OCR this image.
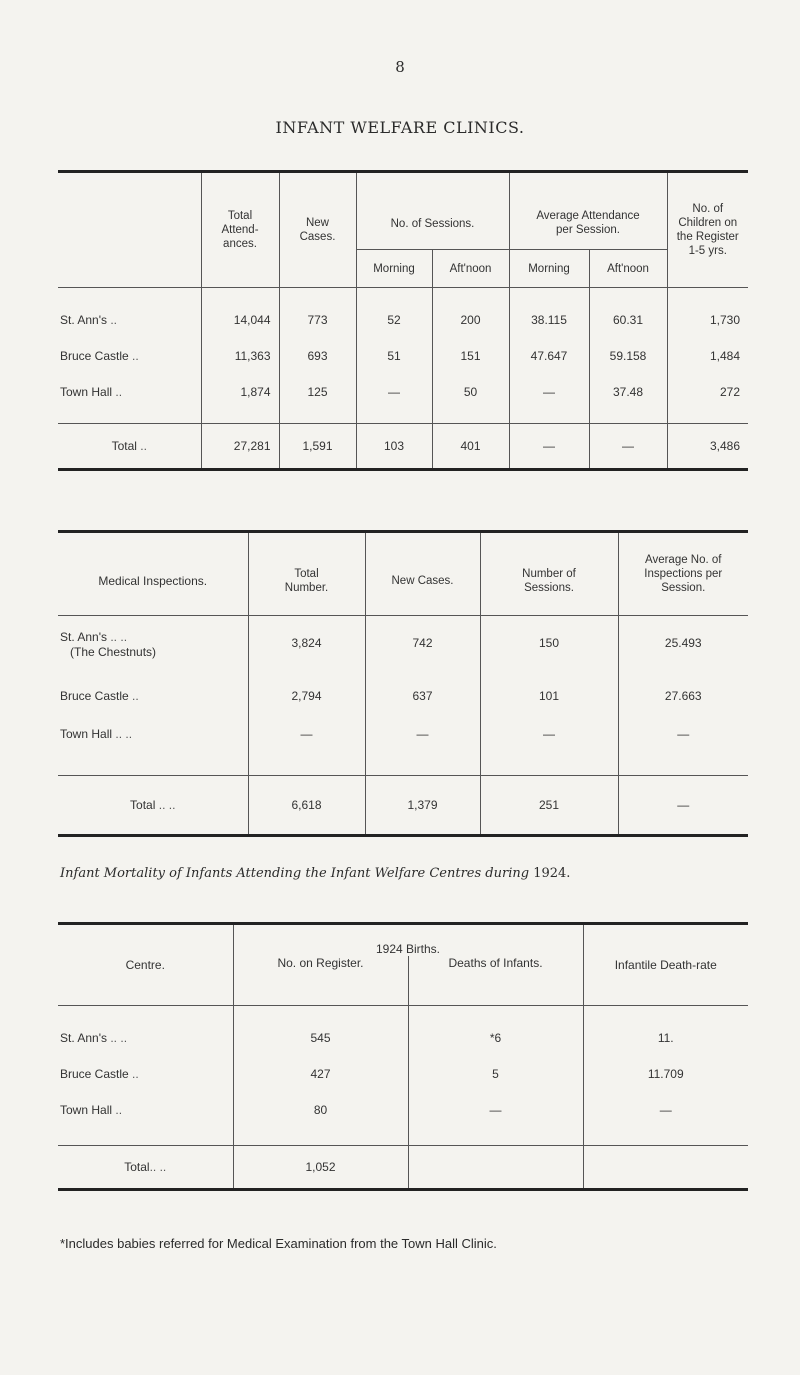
8
INFANT WELFARE CLINICS.
	Total Attend- ances.	New Cases.	No. of Sessions.		Average Attendance per Session.		No. of Children on the Register 1-5 yrs.
			Morning	Aft'noon	Morning	Aft'noon	

St. Ann's ..	14,044	773	52	200	38.115	60.31	1,730
Bruce Castle ..	11,363	693	51	151	47.647	59.158	1,484
Town Hall ..	1,874	125	—	50	—	37.48	272

Total ..	27,281	1,591	103	401	—	—	3,486
Medical Inspections.	Total Number.	New Cases.	Number of Sessions.	Average No. of Inspections per Session.

St. Ann's .. ..
(The Chestnuts)	3,824	742	150	25.493
Bruce Castle ..	2,794	637	101	27.663
Town Hall .. ..	—	—	—	—

Total .. ..	6,618	1,379	251	—
Infant Mortality of Infants Attending the Infant Welfare Centres during 1924.
Centre.	1924 Births.		Infantile Death-rate
	No. on Register.	Deaths of Infants.	

St. Ann's .. ..	545	*6	11.
Bruce Castle ..	427	5	11.709
Town Hall ..	80	—	—

Total.. ..	1,052		
*Includes babies referred for Medical Examination from the Town Hall Clinic.
